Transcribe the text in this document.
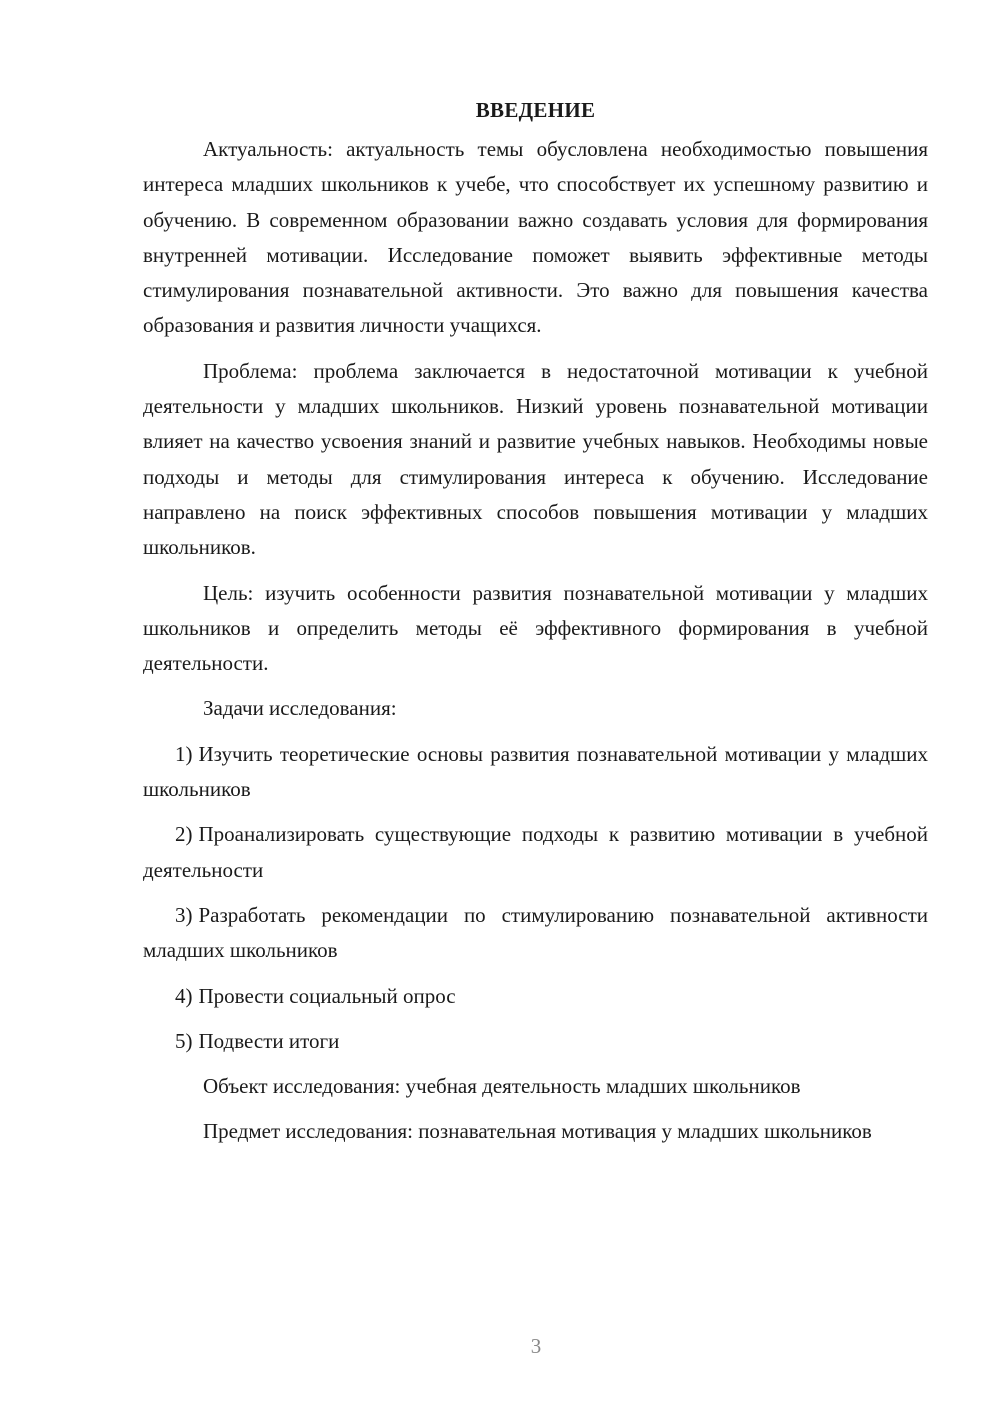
ВВЕДЕНИЕ

Актуальность: актуальность темы обусловлена необходимостью повышения интереса младших школьников к учебе, что способствует их успешному развитию и обучению. В современном образовании важно создавать условия для формирования внутренней мотивации. Исследование поможет выявить эффективные методы стимулирования познавательной активности. Это важно для повышения качества образования и развития личности учащихся.

Проблема: проблема заключается в недостаточной мотивации к учебной деятельности у младших школьников. Низкий уровень познавательной мотивации влияет на качество усвоения знаний и развитие учебных навыков. Необходимы новые подходы и методы для стимулирования интереса к обучению. Исследование направлено на поиск эффективных способов повышения мотивации у младших школьников.

Цель: изучить особенности развития познавательной мотивации у младших школьников и определить методы её эффективного формирования в учебной деятельности.

Задачи исследования:

1) Изучить теоретические основы развития познавательной мотивации у младших школьников

2) Проанализировать существующие подходы к развитию мотивации в учебной деятельности

3) Разработать рекомендации по стимулированию познавательной активности младших школьников

4) Провести социальный опрос

5) Подвести итоги

Объект исследования: учебная деятельность младших школьников

Предмет исследования: познавательная мотивация у младших школьников

3
